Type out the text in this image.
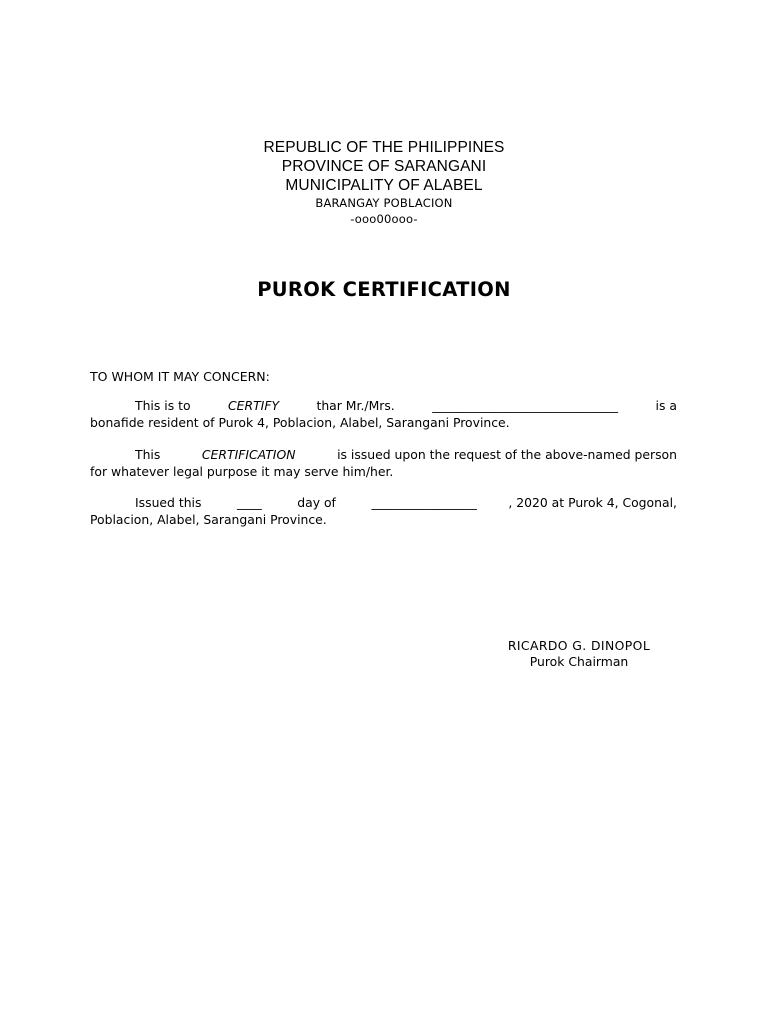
REPUBLIC OF THE PHILIPPINES
PROVINCE OF SARANGANI
MUNICIPALITY OF ALABEL
BARANGAY POBLACION
-ooo00ooo-
PUROK CERTIFICATION
TO WHOM IT MAY CONCERN:
This is to	CERTIFY	thar Mr./Mrs.	______________________________	is a
bonafide resident of Purok 4, Poblacion, Alabel, Sarangani Province.
This	CERTIFICATION	is issued upon the request of the above-named person
for whatever legal purpose it may serve him/her.
Issued this	____	day of	_________________	, 2020 at Purok 4, Cogonal,
Poblacion, Alabel, Sarangani Province.
RICARDO G. DINOPOL
Purok Chairman
